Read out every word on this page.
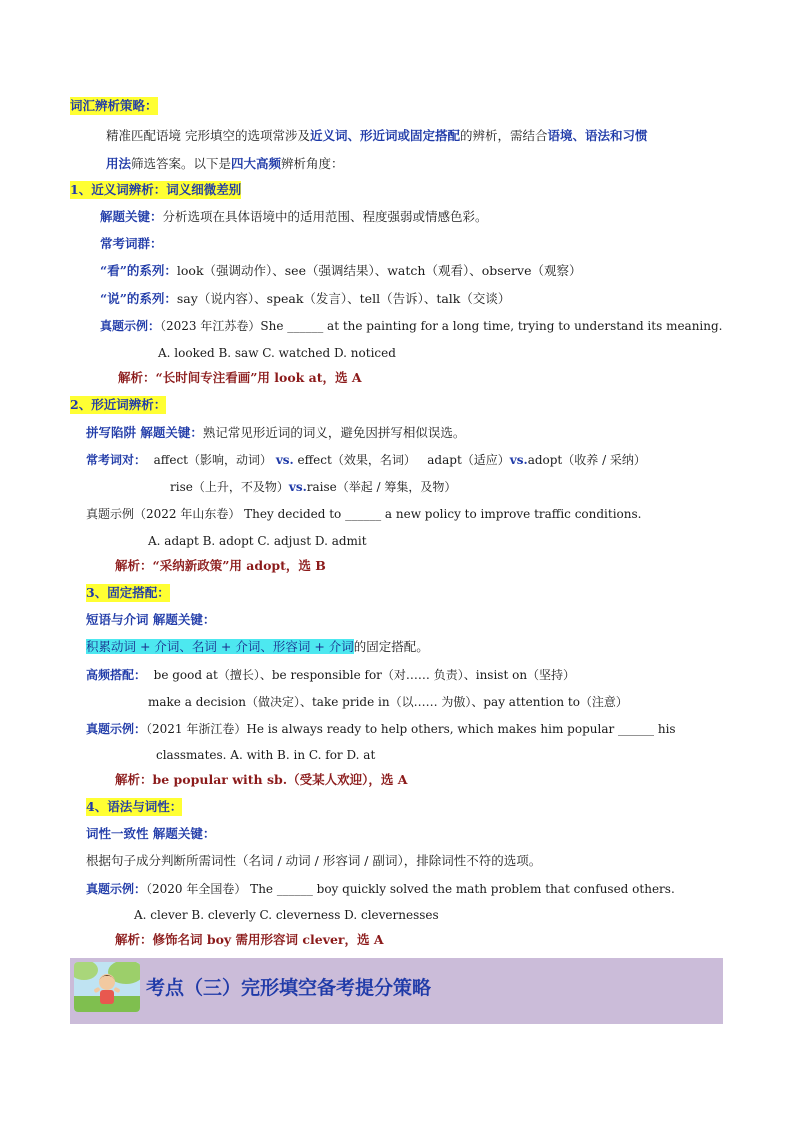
词汇辨析策略：
精准匹配语境 完形填空的选项常涉及近义词、形近词或固定搭配的辨析，需结合语境、语法和习惯
用法筛选答案。以下是四大高频辨析角度：
1、近义词辨析：词义细微差别
解题关键：分析选项在具体语境中的适用范围、程度强弱或情感色彩。
常考词群：
“看”的系列：look（强调动作）、see（强调结果）、watch（观看）、observe（观察）
“说”的系列：say（说内容）、speak（发言）、tell（告诉）、talk（交谈）
真题示例：（2023 年江苏卷）She ______ at the painting for a long time, trying to understand its meaning.
A. looked B. saw C. watched D. noticed
解析：“长时间专注看画”用 look at，选 A
2、形近词辨析：
拼写陷阱 解题关键：熟记常见形近词的词义，避免因拼写相似误选。
常考词对： affect（影响，动词） vs. effect（效果，名词） adapt（适应）vs.adopt（收养 / 采纳）
rise（上升，不及物）vs.raise（举起 / 筹集，及物）
真题示例（2022 年山东卷） They decided to ______ a new policy to improve traffic conditions.
A. adapt B. adopt C. adjust D. admit
解析：“采纳新政策”用 adopt，选 B
3、固定搭配：
短语与介词 解题关键：
积累动词 + 介词、名词 + 介词、形容词 + 介词的固定搭配。
高频搭配： be good at（擅长）、be responsible for（对…… 负责）、insist on（坚持）
make a decision（做决定）、take pride in（以…… 为傲）、pay attention to（注意）
真题示例：（2021 年浙江卷）He is always ready to help others, which makes him popular ______ his
classmates. A. with B. in C. for D. at
解析：be popular with sb.（受某人欢迎），选 A
4、语法与词性：
词性一致性 解题关键：
根据句子成分判断所需词性（名词 / 动词 / 形容词 / 副词），排除词性不符的选项。
真题示例：（2020 年全国卷） The ______ boy quickly solved the math problem that confused others.
A. clever B. cleverly C. cleverness D. clevernesses
解析：修饰名词 boy 需用形容词 clever，选 A
考点（三）完形填空备考提分策略
